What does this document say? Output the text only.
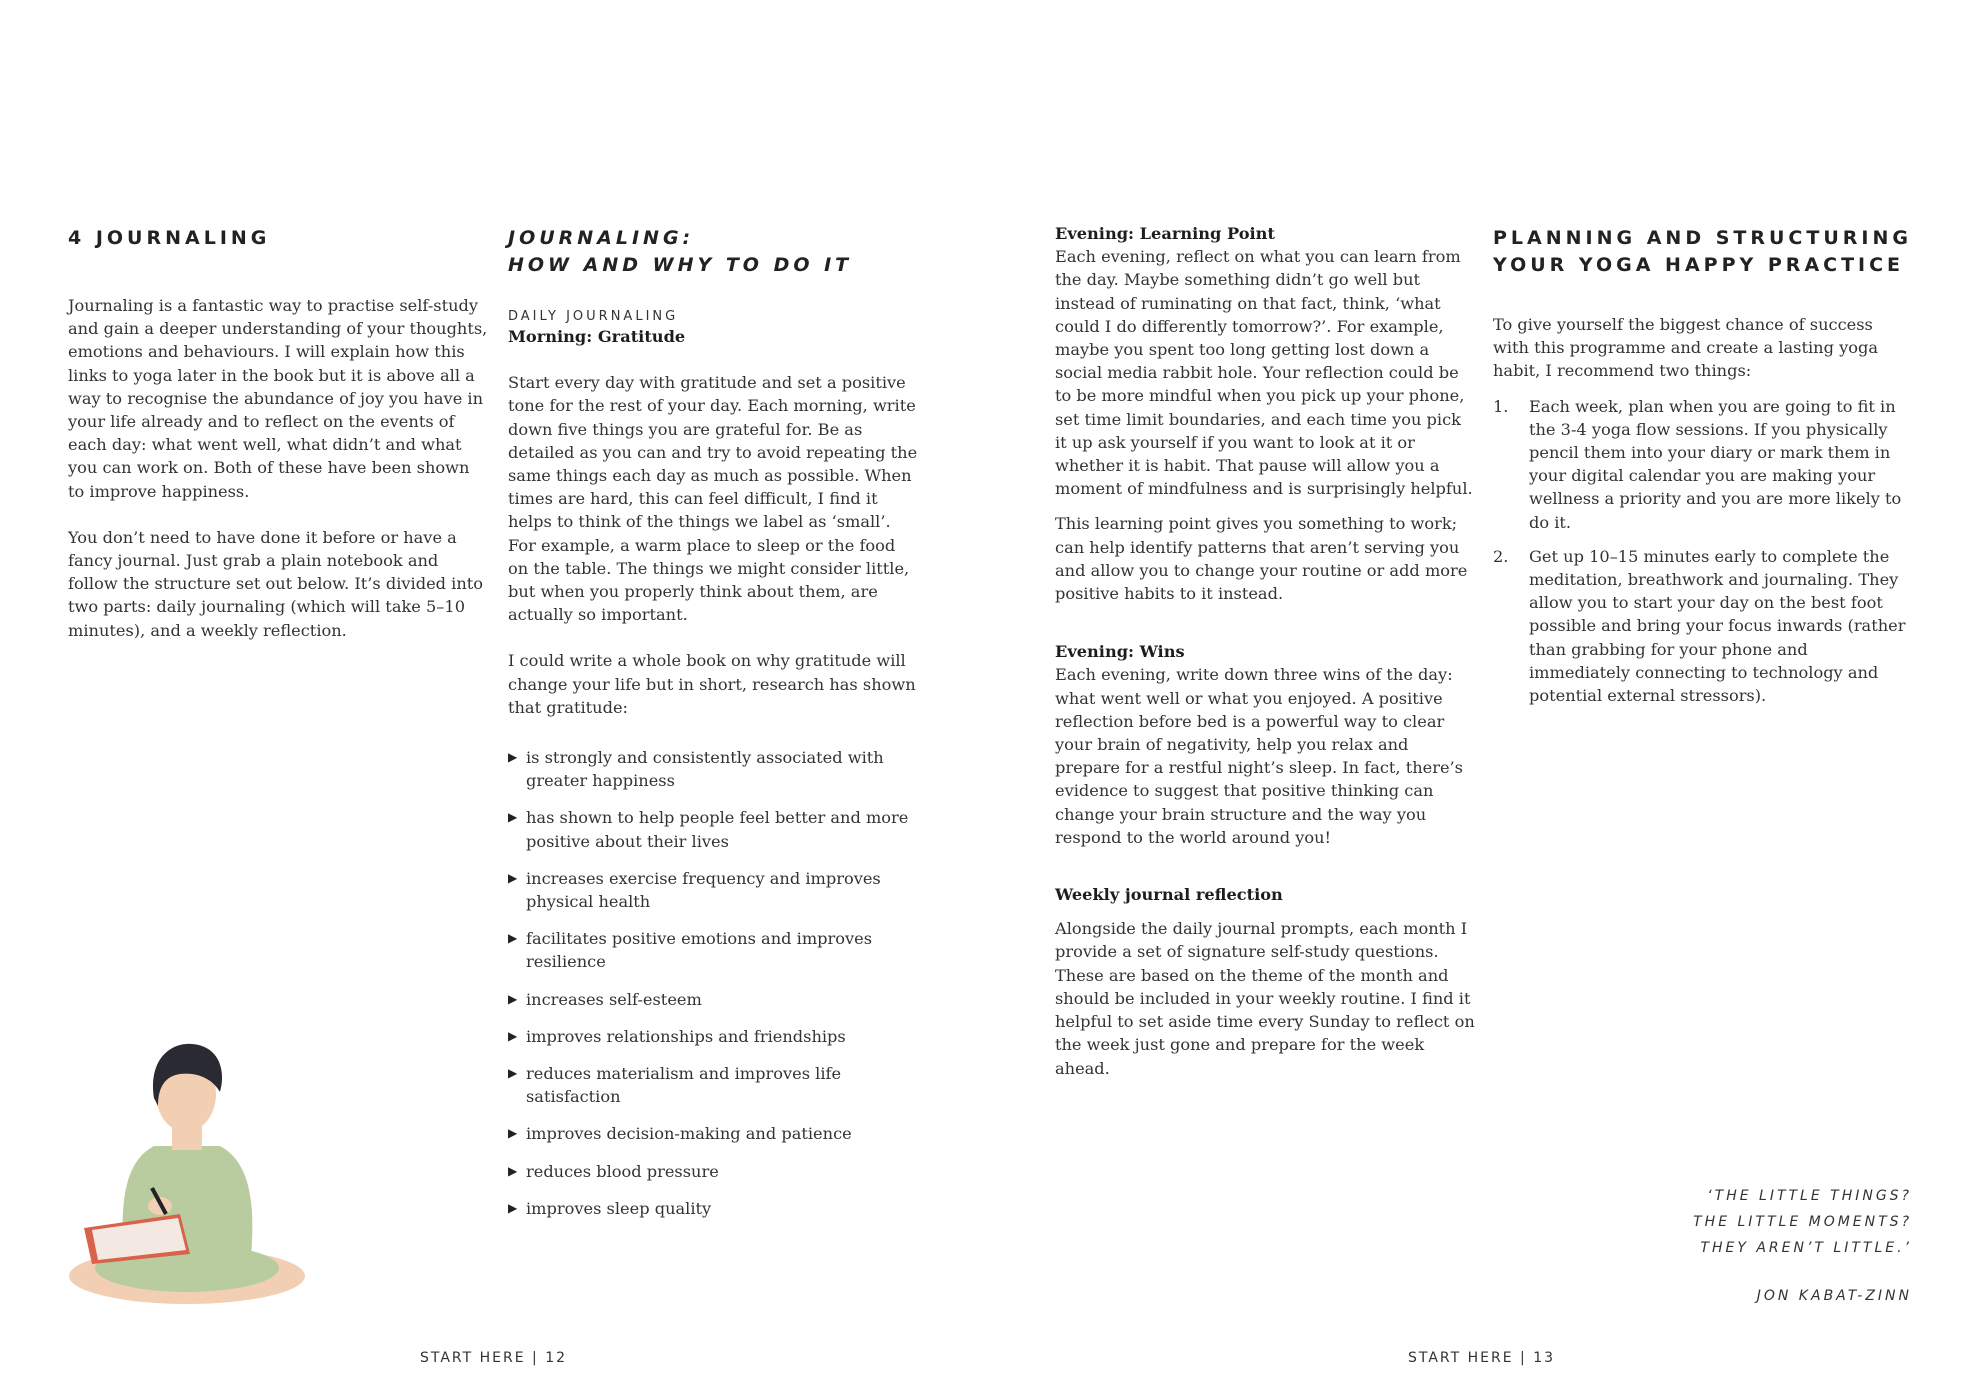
4 JOURNALING

Journaling is a fantastic way to practise self-study and gain a deeper understanding of your thoughts, emotions and behaviours. I will explain how this links to yoga later in the book but it is above all a way to recognise the abundance of joy you have in your life already and to reflect on the events of each day: what went well, what didn’t and what you can work on. Both of these have been shown to improve happiness.

You don’t need to have done it before or have a fancy journal. Just grab a plain notebook and follow the structure set out below. It’s divided into two parts: daily journaling (which will take 5–10 minutes), and a weekly reflection.

JOURNALING:
HOW AND WHY TO DO IT

DAILY JOURNALING

Morning: Gratitude

Start every day with gratitude and set a positive tone for the rest of your day. Each morning, write down five things you are grateful for. Be as detailed as you can and try to avoid repeating the same things each day as much as possible. When times are hard, this can feel difficult, I find it helps to think of the things we label as ‘small’. For example, a warm place to sleep or the food on the table. The things we might consider little, but when you properly think about them, are actually so important.

I could write a whole book on why gratitude will change your life but in short, research has shown that gratitude:

▶ is strongly and consistently associated with greater happiness
▶ has shown to help people feel better and more positive about their lives
▶ increases exercise frequency and improves physical health
▶ facilitates positive emotions and improves resilience
▶ increases self-esteem
▶ improves relationships and friendships
▶ reduces materialism and improves life satisfaction
▶ improves decision-making and patience
▶ reduces blood pressure
▶ improves sleep quality

Evening: Learning Point

Each evening, reflect on what you can learn from the day. Maybe something didn’t go well but instead of ruminating on that fact, think, ‘what could I do differently tomorrow?’. For example, maybe you spent too long getting lost down a social media rabbit hole. Your reflection could be to be more mindful when you pick up your phone, set time limit boundaries, and each time you pick it up ask yourself if you want to look at it or whether it is habit. That pause will allow you a moment of mindfulness and is surprisingly helpful.

This learning point gives you something to work; can help identify patterns that aren’t serving you and allow you to change your routine or add more positive habits to it instead.

Evening: Wins

Each evening, write down three wins of the day: what went well or what you enjoyed. A positive reflection before bed is a powerful way to clear your brain of negativity, help you relax and prepare for a restful night’s sleep. In fact, there’s evidence to suggest that positive thinking can change your brain structure and the way you respond to the world around you!

Weekly journal reflection

Alongside the daily journal prompts, each month I provide a set of signature self-study questions. These are based on the theme of the month and should be included in your weekly routine. I find it helpful to set aside time every Sunday to reflect on the week just gone and prepare for the week ahead.

PLANNING AND STRUCTURING
YOUR YOGA HAPPY PRACTICE

To give yourself the biggest chance of success with this programme and create a lasting yoga habit, I recommend two things:

1. Each week, plan when you are going to fit in the 3-4 yoga flow sessions. If you physically pencil them into your diary or mark them in your digital calendar you are making your wellness a priority and you are more likely to do it.
2. Get up 10–15 minutes early to complete the meditation, breathwork and journaling. They allow you to start your day on the best foot possible and bring your focus inwards (rather than grabbing for your phone and immediately connecting to technology and potential external stressors).
‘THE LITTLE THINGS?
THE LITTLE MOMENTS?
THEY AREN’T LITTLE.’
JON KABAT-ZINN
START HERE | 12	START HERE | 13
